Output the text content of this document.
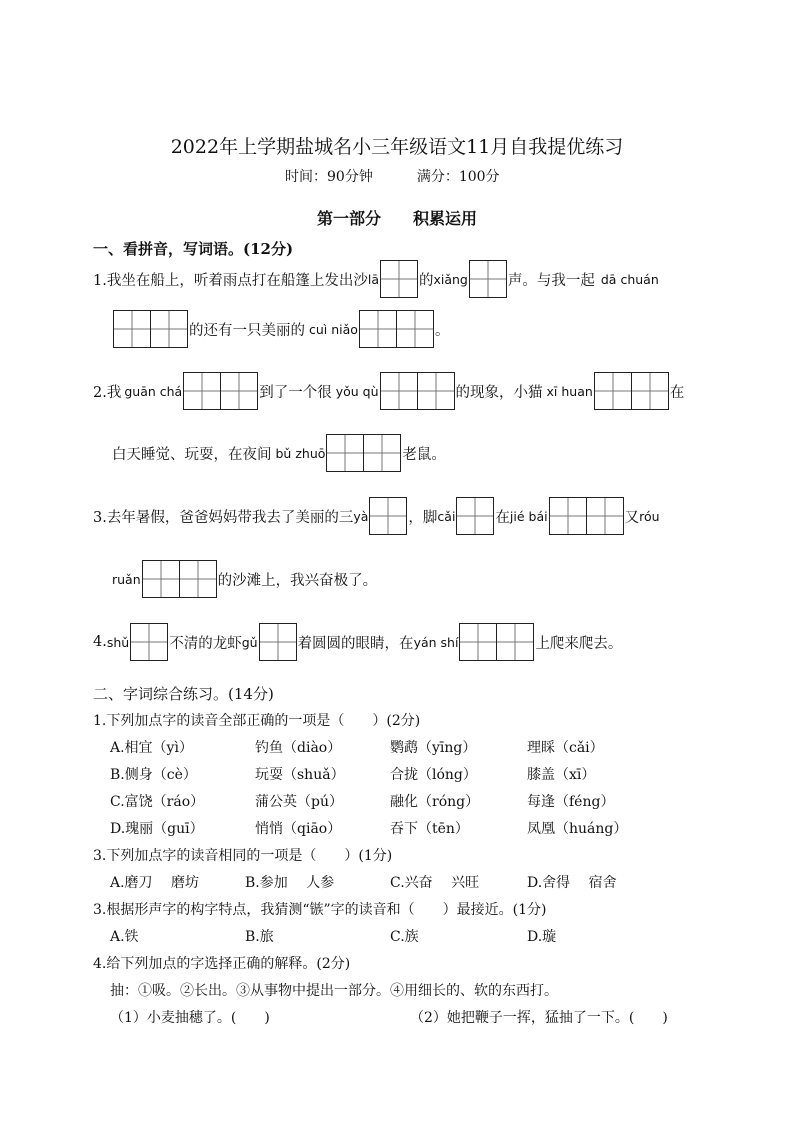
2022年上学期盐城名小三年级语文11月自我提优练习
时间：90分钟	满分：100分
第一部分　　积累运用
一、看拼音，写词语。(12分)
1.我坐在船上，听着雨点打在船篷上发出沙 lā	的 xiǎng	声。与我一起 dā chuán
的还有一只美丽的 cuì niǎo	。
2.我 guān chá	到了一个很 yǒu qù	的现象，小猫 xī huan	在
白天睡觉、玩耍，在夜间 bǔ zhuō	老鼠。
3.去年暑假，爸爸妈妈带我去了美丽的三 yà	，脚 cǎi	在 jié bái	又 róu
ruǎn	的沙滩上，我兴奋极了。
4. shǔ	不清的龙虾 gǔ	着圆圆的眼睛，在 yán shí	上爬来爬去。
二、字词综合练习。(14分)
1.下列加点字的读音全部正确的一项是（　　）(2分)
A.相宜（yì）	钓鱼（diào）	鹦鹉（yīng）	理睬（cǎi）
B.侧身（cè）	玩耍（shuǎ）	合拢（lóng）	膝盖（xī）
C.富饶（ráo）	蒲公英（pú）	融化（róng）	每逢（féng）
D.瑰丽（guī）	悄悄（qiāo）	吞下（tēn）	凤凰（huáng）
3.下列加点字的读音相同的一项是（　　）(1分)
A.磨刀　 磨坊	B.参加　 人参	C.兴奋　 兴旺	D.舍得　 宿舍
3.根据形声字的构字特点，我猜测“镞”字的读音和（　　）最接近。(1分)
A.铁	B.旅	C.族	D.璇
4.给下列加点的字选择正确的解释。(2分)
抽：①吸。②长出。③从事物中提出一部分。④用细长的、软的东西打。
（1）小麦抽穗了。(　　)	（2）她把鞭子一挥，猛抽了一下。(　　)
